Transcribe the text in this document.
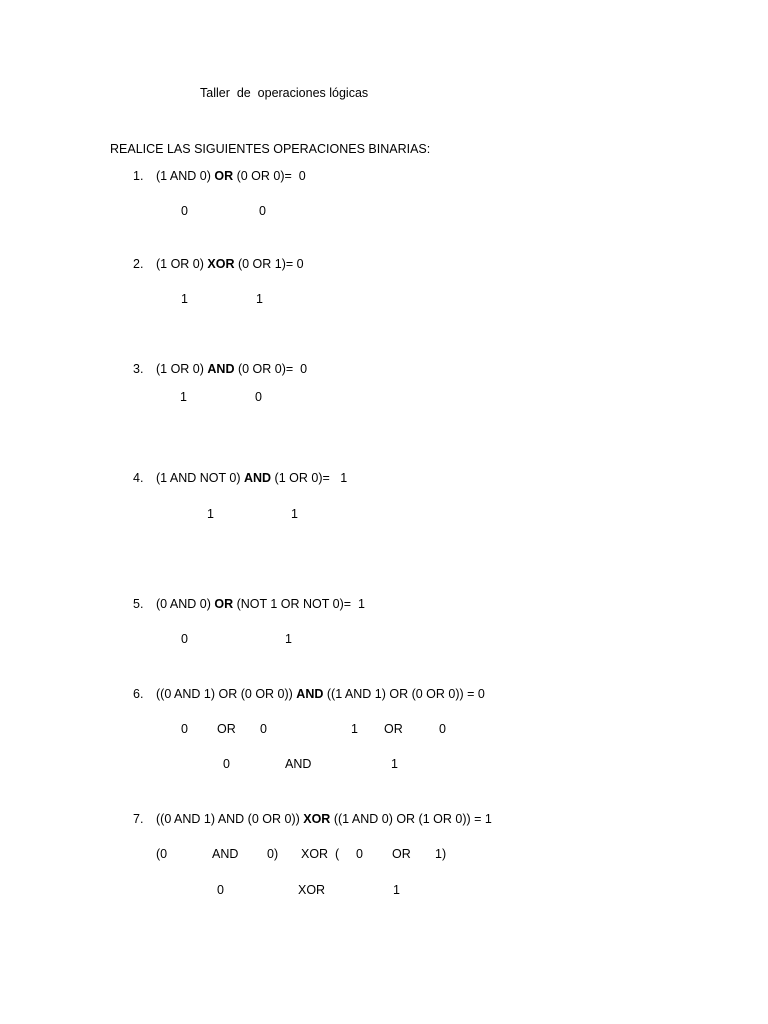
Taller  de  operaciones lógicas
REALICE LAS SIGUIENTES OPERACIONES BINARIAS:
1. (1 AND 0) OR (0 OR 0)=  0
0	0
2. (1 OR 0) XOR (0 OR 1)= 0
1	1
3. (1 OR 0) AND (0 OR 0)=  0
1	0
4. (1 AND NOT 0) AND (1 OR 0)=   1
1	1
5. (0 AND 0) OR (NOT 1 OR NOT 0)=  1
0	1
6. ((0 AND 1) OR (0 OR 0)) AND ((1 AND 1) OR (0 OR 0)) = 0
0 OR 0	1 OR	0
0	AND	1
7. ((0 AND 1) AND (0 OR 0)) XOR ((1 AND 0) OR (1 OR 0)) = 1
(0	AND 0) XOR ( 0 OR 1)
0	XOR	1
